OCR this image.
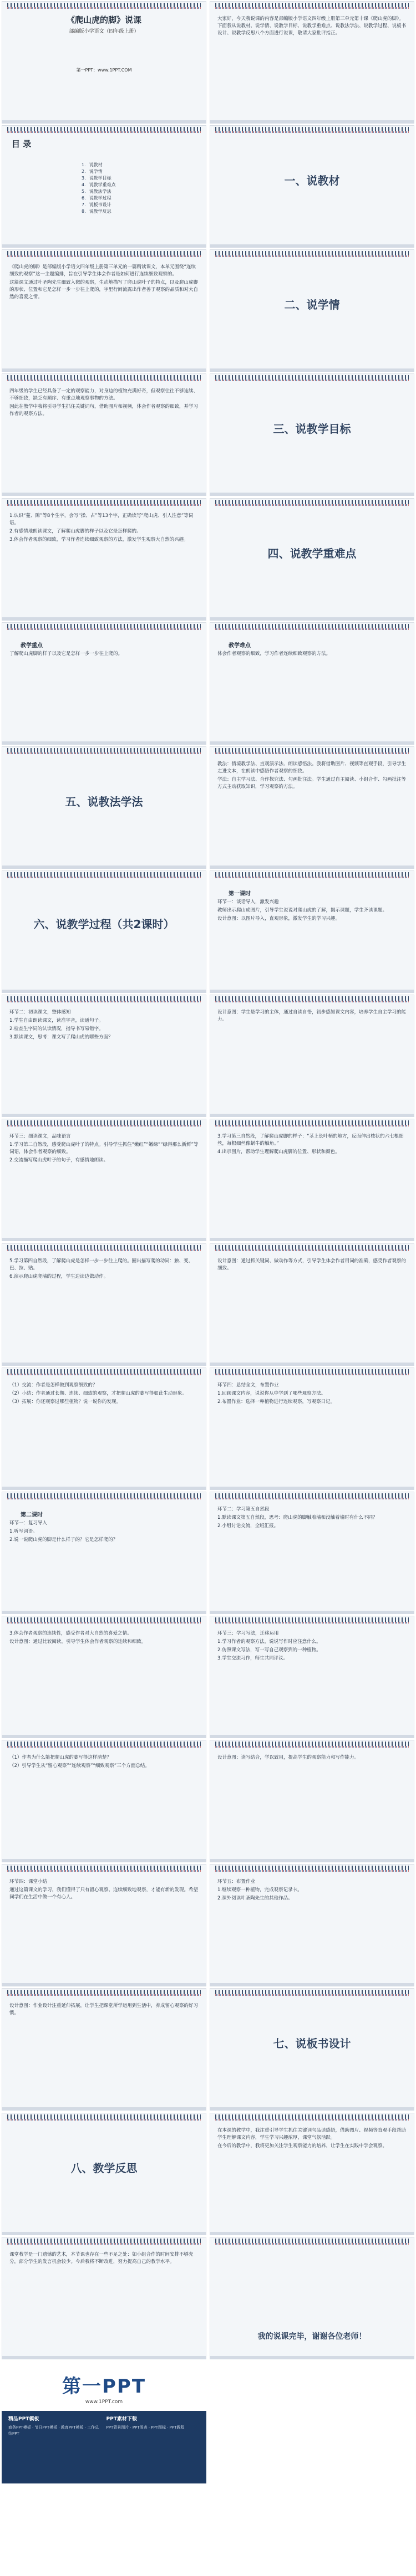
《爬山虎的脚》说课
部编版小学语文（四年级上册）
第一PPT：www.1PPT.COM
大家好，今天我说课的内容是部编版小学语文四年级上册第三单元第十课《爬山虎的脚》。下面我从说教材、说学情、说教学目标、说教学重难点、说教法学法、说教学过程、说板书设计、说教学反思八个方面进行说课，敬请大家批评指正。
目 录
1. 说教材
2. 说学情
3. 说教学目标
4. 说教学重难点
5. 说教法学法
6. 说教学过程
7. 说板书设计
8. 说教学反思
一、说教材
《爬山虎的脚》是部编版小学语文四年级上册第三单元的一篇精读课文，本单元围绕“连续细致的观察”这一主题编排，旨在引导学生体会作者是如何进行连续细致观察的。
这篇课文通过叶圣陶先生细致入微的观察，生动地描写了爬山虎叶子的特点，以及爬山虎脚的形状、位置和它是怎样一步一步往上爬的，字里行间流露出作者善于观察的品质和对大自然的喜爱之情。
二、说学情
四年级的学生已经具备了一定的观察能力，对身边的植物充满好奇，但观察往往不够连续、不够细致，缺乏有顺序、有重点地观察事物的方法。
因此在教学中我将引导学生抓住关键词句，借助图片和视频，体会作者观察的细致，并学习作者的观察方法。
三、说教学目标
1.认识“蔓、隙”等8个生字，会写“操、占”等13个字，正确读写“爬山虎、引人注意”等词语。
2.有感情地朗读课文，了解爬山虎脚的样子以及它是怎样爬的。
3.体会作者观察的细致，学习作者连续细致观察的方法，激发学生观察大自然的兴趣。
四、说教学重难点
教学重点
了解爬山虎脚的样子以及它是怎样一步一步往上爬的。
教学难点
体会作者观察的细致，学习作者连续细致观察的方法。
五、说教法学法
教法：情境教学法、直观演示法、朗读感悟法。我将借助图片、视频等直观手段，引导学生走进文本，在朗读中感悟作者观察的细致。
学法：自主学习法、合作探究法、勾画批注法。学生通过自主阅读、小组合作、勾画批注等方式主动获取知识，学习观察的方法。
六、说教学过程（共2课时）
第一课时
环节一：谈话导入，激发兴趣
教师出示爬山虎图片，引导学生说说对爬山虎的了解，揭示课题，学生齐读课题。
设计意图：以图片导入，直观形象，激发学生的学习兴趣。
环节二：初读课文，整体感知
1.学生自由朗读课文，读准字音，读通句子。
2.检查生字词的认读情况，指导书写易错字。
3.默读课文，思考：课文写了爬山虎的哪些方面？
设计意图：学生是学习的主体，通过自读自悟，初步感知课文内容，培养学生自主学习的能力。
环节三：细读课文，品味语言
1.学习第二自然段，感受爬山虎叶子的特点。引导学生抓住“嫩红”“嫩绿”“绿得那么新鲜”等词语，体会作者观察的细致。
2.交流描写爬山虎叶子的句子，有感情地朗读。
3.学习第三自然段，了解爬山虎脚的样子：“茎上长叶柄的地方，反面伸出枝状的六七根细丝，每根细丝像蜗牛的触角。”
4.出示图片，帮助学生理解爬山虎脚的位置、形状和颜色。
5.学习第四自然段，了解爬山虎是怎样一步一步往上爬的。圈出描写爬的动词：触、变、巴、拉、贴。
6.演示爬山虎爬墙的过程，学生边读边做动作。
设计意图：通过抓关键词、做动作等方式，引导学生体会作者用词的准确，感受作者观察的细致。
（1）交流：作者是怎样做到观察细致的？
（2）小结：作者通过长期、连续、细致的观察，才把爬山虎的脚写得如此生动形象。
（3）拓展：你还观察过哪些植物？说一说你的发现。
环节四：总结全文，布置作业
1.回顾课文内容，说说你从中学到了哪些观察方法。
2.布置作业：选择一种植物进行连续观察，写观察日记。
第二课时
环节一：复习导入
1.听写词语。
2.说一说爬山虎的脚是什么样子的？它是怎样爬的？
环节二：学习第五自然段
1.默读课文第五自然段，思考：爬山虎的脚触着墙和没触着墙时有什么不同？
2.小组讨论交流，全班汇报。
3.体会作者观察的连续性，感受作者对大自然的喜爱之情。
设计意图：通过比较阅读，引导学生体会作者观察的连续和细致。
环节三：学习写法，迁移运用
1.学习作者的观察方法，说说写作时应注意什么。
2.仿照课文写法，写一写自己观察到的一种植物。
3.学生交流习作，师生共同评议。
（1）作者为什么能把爬山虎的脚写得这样清楚？
（2）引导学生从“留心观察”“连续观察”“细致观察”三个方面总结。
设计意图：读写结合，学以致用，提高学生的观察能力和写作能力。
环节四：课堂小结
通过这篇课文的学习，我们懂得了只有留心观察、连续细致地观察，才能有新的发现。希望同学们在生活中做一个有心人。
环节五：布置作业
1.继续观察一种植物，完成观察记录卡。
2.课外阅读叶圣陶先生的其他作品。
设计意图：作业设计注重延伸拓展，让学生把课堂所学运用到生活中，养成留心观察的好习惯。
七、说板书设计
八、教学反思
在本课的教学中，我注重引导学生抓住关键词句品读感悟，借助图片、视频等直观手段帮助学生理解课文内容，学生学习兴趣浓厚，课堂气氛活跃。
在今后的教学中，我将更加关注学生观察能力的培养，让学生在实践中学会观察。
课堂教学是一门遗憾的艺术，本节课也存在一些不足之处：如小组合作的时间安排不够充分，部分学生的发言机会较少。今后我将不断改进，努力提高自己的教学水平。
我的说课完毕，谢谢各位老师！
第一PPT
www.1PPT.com
精品PPT模板
商务PPT模板 · 节日PPT模板 · 教育PPT模板 · 工作总结PPT
PPT素材下载
PPT背景图片 · PPT图表 · PPT图标 · PPT教程
